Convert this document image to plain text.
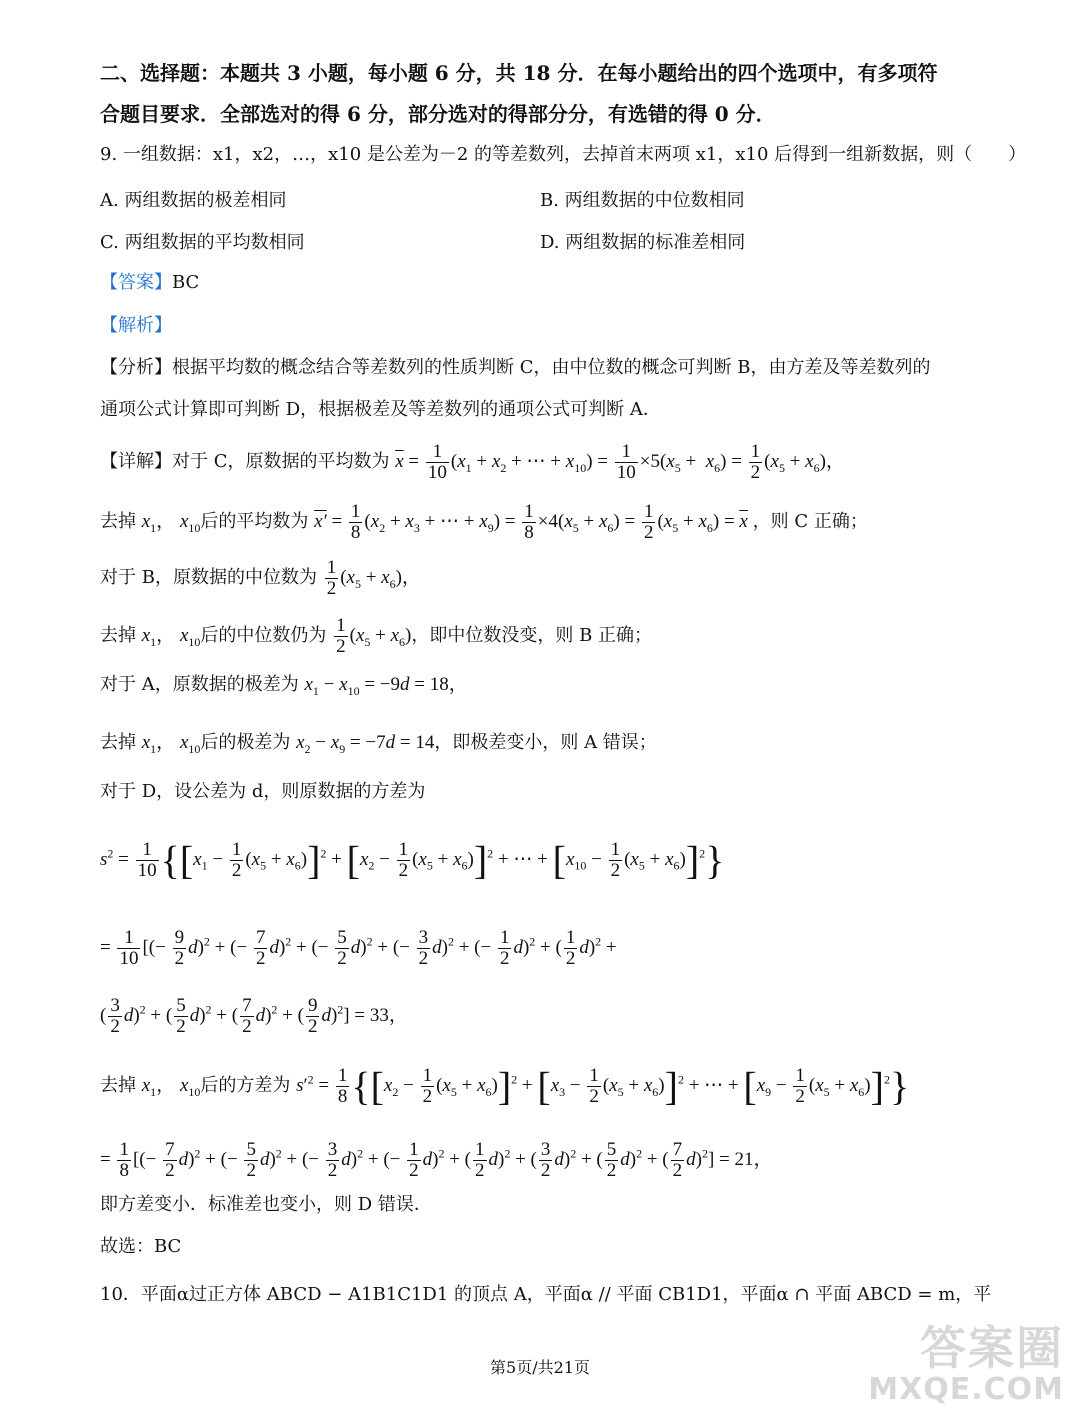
二、选择题：本题共 3 小题，每小题 6 分，共 18 分．在每小题给出的四个选项中，有多项符
合题目要求．全部选对的得 6 分，部分选对的得部分分，有选错的得 0 分．
9. 一组数据：x1，x2，…，x10 是公差为－2 的等差数列，去掉首末两项 x1，x10 后得到一组新数据，则（　　）
A. 两组数据的极差相同	B. 两组数据的中位数相同
C. 两组数据的平均数相同	D. 两组数据的标准差相同
【答案】BC
【解析】
【分析】根据平均数的概念结合等差数列的性质判断 C，由中位数的概念可判断 B，由方差及等差数列的
通项公式计算即可判断 D，根据极差及等差数列的通项公式可判断 A．
【详解】对于 C，原数据的平均数为 $\overline{x} = \frac{1}{10} (x_1 + x_2$ + ⋯ + $x_{10}) = \frac{1}{10} \times 5(x_5 + x_6) = \frac{1}{2} (x_5 + x_6)$，
去掉 $x_1$， $x_{10}$后的平均数为 $x' = \frac{1}{8} (x_2 + x_3$ + ⋯ + $x_9) = \frac{1}{8} \times 4(x_5 + x_6) = \frac{1}{2} (x_5 + x_6) = \overline{x}$ ，则 C 正确；
对于 B，原数据的中位数为 $\frac{1}{2} (x_5 + x_6)$，
去掉 $x_1$， $x_{10}$后的中位数仍为 $\frac{1}{2} (x_5 + x_6)$，即中位数没变，则 B 正确；
对于 A，原数据的极差为 $x_1 - x_{10} = -9d = 18$，
去掉 $x_1$， $x_{10}$后的极差为 $x_2 - x_9 = -7d = 14$，即极差变小，则 A 错误；
对于 D，设公差为 d，则原数据的方差为
$s^2 = \frac{1}{10} \{[x_1 - \frac{1}{2} (x_5 + x_6)]^2 + [x_2 - \frac{1}{2} (x_5 + x_6)]^2$ + ⋯ + $[x_{10} - \frac{1}{2} (x_5 + x_6)]^2$}
= $\frac{1}{10}$ [(− $\frac{9}{2} d)^2$ + (− $\frac{7}{2} d)^2$ + (− $\frac{5}{2} d)^2$ + (− $\frac{3}{2} d)^2$ + (− $\frac{1}{2} d)^2$ + ( $\frac{1}{2} d)^2$ +
( $\frac{3}{2} d)^2$ + ( $\frac{5}{2} d)^2$ + ( $\frac{7}{2} d)^2$ + ( $\frac{9}{2} d)^2] = 33$，
去掉 $x_1$， $x_{10}$后的方差为 $s'^2 = \frac{1}{8} \{[x_2 - \frac{1}{2} (x_5 + x_6)]^2 + [x_3 - \frac{1}{2} (x_5 + x_6)]^2$ + ⋯ + $[x_9 - \frac{1}{2} (x_5 + x_6)]^2$}
= $\frac{1}{8}$ [(− $\frac{7}{2} d)^2$ + (− $\frac{5}{2} d)^2$ + (− $\frac{3}{2} d)^2$ + (− $\frac{1}{2} d)^2$ + ( $\frac{1}{2} d)^2$ + ( $\frac{3}{2} d)^2$ + ( $\frac{5}{2} d)^2$ + ( $\frac{7}{2} d)^2] = 21$，
即方差变小．标准差也变小，则 D 错误．
故选：BC
10．平面α过正方体 ABCD − A1B1C1D1 的顶点 A，平面α // 平面 CB1D1，平面α ∩ 平面 ABCD = m，平
第5页/共21页	答案圈
MXQE.COM
